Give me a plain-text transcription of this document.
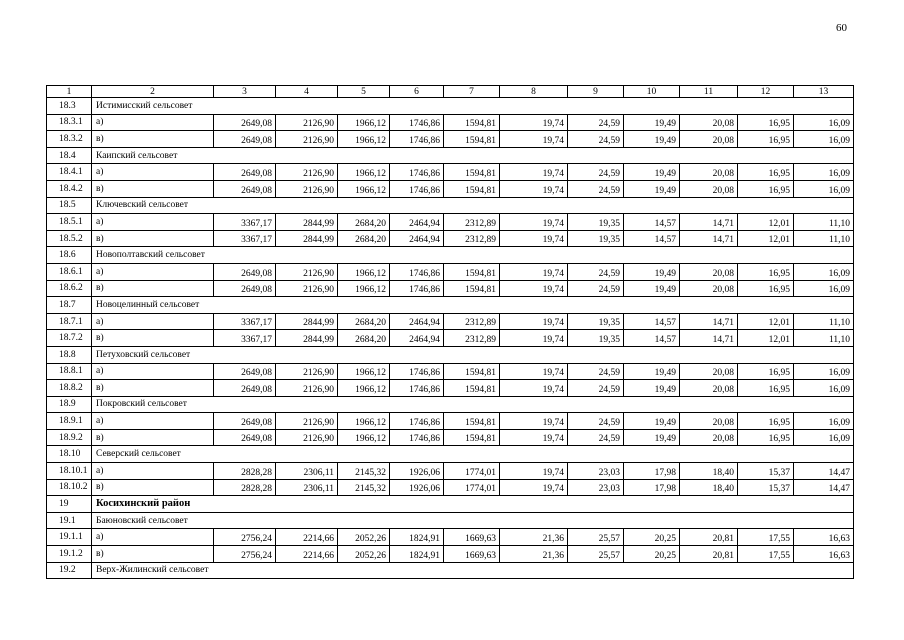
60
1	2	3	4	5	6	7	8	9	10	11	12	13
18.3	Истимисский сельсовет											
18.3.1	а)	2649,08	2126,90	1966,12	1746,86	1594,81	19,74	24,59	19,49	20,08	16,95	16,09
18.3.2	в)	2649,08	2126,90	1966,12	1746,86	1594,81	19,74	24,59	19,49	20,08	16,95	16,09
18.4	Каипский сельсовет											
18.4.1	а)	2649,08	2126,90	1966,12	1746,86	1594,81	19,74	24,59	19,49	20,08	16,95	16,09
18.4.2	в)	2649,08	2126,90	1966,12	1746,86	1594,81	19,74	24,59	19,49	20,08	16,95	16,09
18.5	Ключевский сельсовет											
18.5.1	а)	3367,17	2844,99	2684,20	2464,94	2312,89	19,74	19,35	14,57	14,71	12,01	11,10
18.5.2	в)	3367,17	2844,99	2684,20	2464,94	2312,89	19,74	19,35	14,57	14,71	12,01	11,10
18.6	Новополтавский сельсовет											
18.6.1	а)	2649,08	2126,90	1966,12	1746,86	1594,81	19,74	24,59	19,49	20,08	16,95	16,09
18.6.2	в)	2649,08	2126,90	1966,12	1746,86	1594,81	19,74	24,59	19,49	20,08	16,95	16,09
18.7	Новоцелинный сельсовет											
18.7.1	а)	3367,17	2844,99	2684,20	2464,94	2312,89	19,74	19,35	14,57	14,71	12,01	11,10
18.7.2	в)	3367,17	2844,99	2684,20	2464,94	2312,89	19,74	19,35	14,57	14,71	12,01	11,10
18.8	Петуховский сельсовет											
18.8.1	а)	2649,08	2126,90	1966,12	1746,86	1594,81	19,74	24,59	19,49	20,08	16,95	16,09
18.8.2	в)	2649,08	2126,90	1966,12	1746,86	1594,81	19,74	24,59	19,49	20,08	16,95	16,09
18.9	Покровский сельсовет											
18.9.1	а)	2649,08	2126,90	1966,12	1746,86	1594,81	19,74	24,59	19,49	20,08	16,95	16,09
18.9.2	в)	2649,08	2126,90	1966,12	1746,86	1594,81	19,74	24,59	19,49	20,08	16,95	16,09
18.10	Северский сельсовет											
18.10.1	а)	2828,28	2306,11	2145,32	1926,06	1774,01	19,74	23,03	17,98	18,40	15,37	14,47
18.10.2	в)	2828,28	2306,11	2145,32	1926,06	1774,01	19,74	23,03	17,98	18,40	15,37	14,47
19	Косихинский район											
19.1	Баюновский сельсовет											
19.1.1	а)	2756,24	2214,66	2052,26	1824,91	1669,63	21,36	25,57	20,25	20,81	17,55	16,63
19.1.2	в)	2756,24	2214,66	2052,26	1824,91	1669,63	21,36	25,57	20,25	20,81	17,55	16,63
19.2	Верх-Жилинский сельсовет											
